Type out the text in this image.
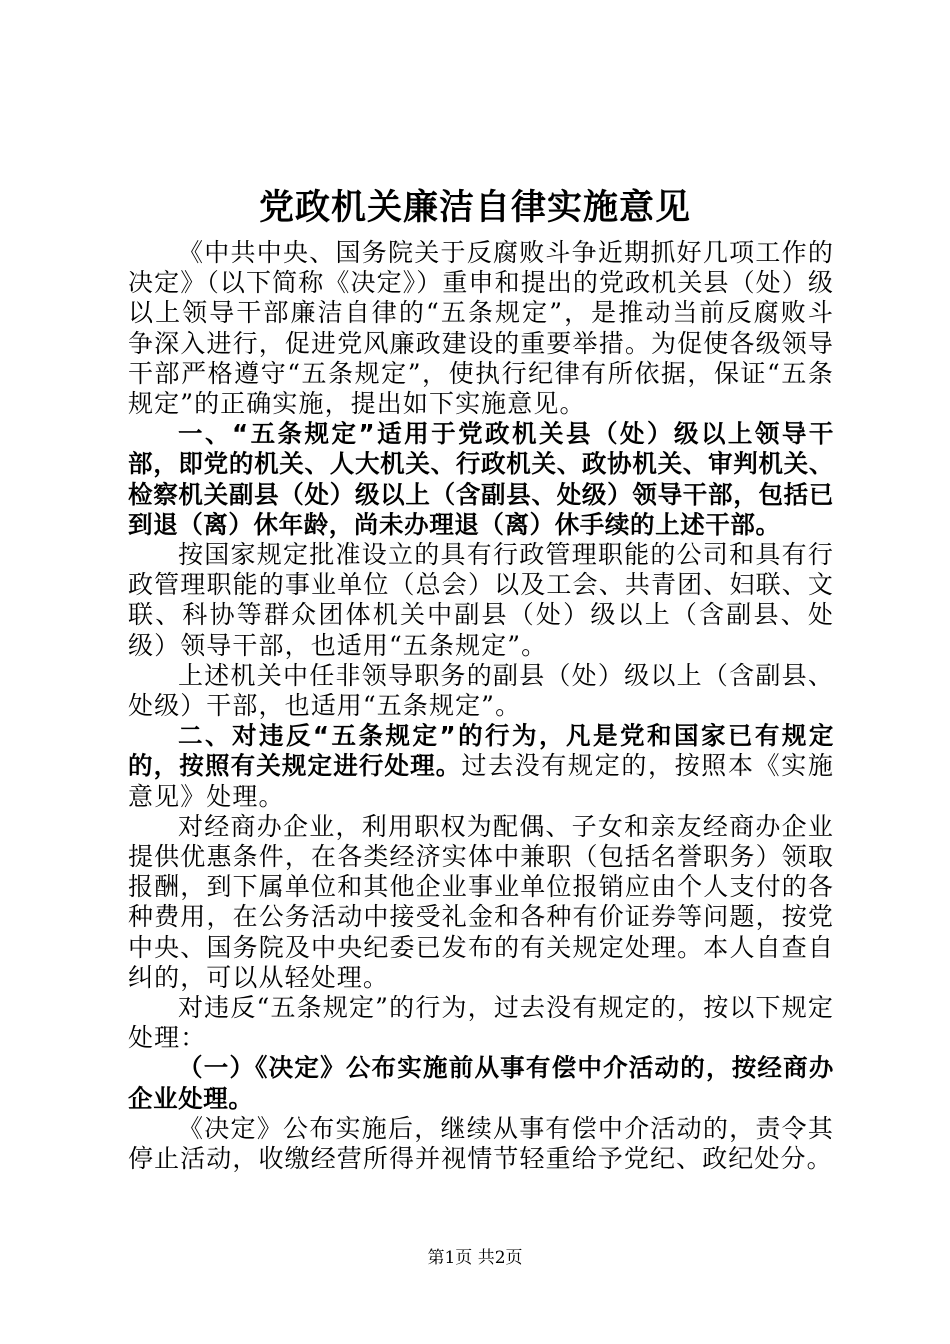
党政机关廉洁自律实施意见

《中共中央、国务院关于反腐败斗争近期抓好几项工作的决定》（以下简称《决定》）重申和提出的党政机关县（处）级以上领导干部廉洁自律的“五条规定”，是推动当前反腐败斗争深入进行，促进党风廉政建设的重要举措。为促使各级领导干部严格遵守“五条规定”，使执行纪律有所依据，保证“五条规定”的正确实施，提出如下实施意见。

一、“五条规定”适用于党政机关县（处）级以上领导干部，即党的机关、人大机关、行政机关、政协机关、审判机关、检察机关副县（处）级以上（含副县、处级）领导干部，包括已到退（离）休年龄，尚未办理退（离）休手续的上述干部。

按国家规定批准设立的具有行政管理职能的公司和具有行政管理职能的事业单位（总会）以及工会、共青团、妇联、文联、科协等群众团体机关中副县（处）级以上（含副县、处级）领导干部，也适用“五条规定”。

上述机关中任非领导职务的副县（处）级以上（含副县、处级）干部，也适用“五条规定”。

二、对违反“五条规定”的行为，凡是党和国家已有规定的，按照有关规定进行处理。过去没有规定的，按照本《实施意见》处理。

对经商办企业，利用职权为配偶、子女和亲友经商办企业提供优惠条件，在各类经济实体中兼职（包括名誉职务）领取报酬，到下属单位和其他企业事业单位报销应由个人支付的各种费用，在公务活动中接受礼金和各种有价证券等问题，按党中央、国务院及中央纪委已发布的有关规定处理。本人自查自纠的，可以从轻处理。

对违反“五条规定”的行为，过去没有规定的，按以下规定处理：

（一）《决定》公布实施前从事有偿中介活动的，按经商办企业处理。

《决定》公布实施后，继续从事有偿中介活动的，责令其停止活动，收缴经营所得并视情节轻重给予党纪、政纪处分。

第1页 共2页
